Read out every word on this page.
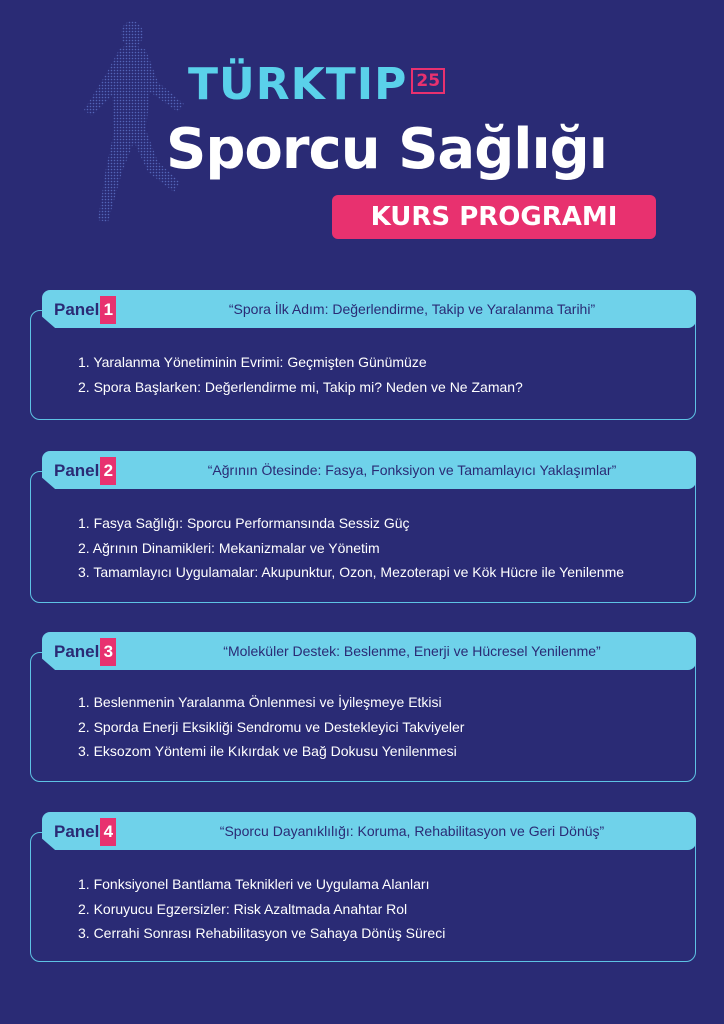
TÜRKTIP 25
Sporcu Sağlığı
KURS PROGRAMI
Panel 1	“Spora İlk Adım: Değerlendirme, Takip ve Yaralanma Tarihi”
1. Yaralanma Yönetiminin Evrimi: Geçmişten Günümüze
2. Spora Başlarken: Değerlendirme mi, Takip mi? Neden ve Ne Zaman?
Panel 2	“Ağrının Ötesinde: Fasya, Fonksiyon ve Tamamlayıcı Yaklaşımlar”
1. Fasya Sağlığı: Sporcu Performansında Sessiz Güç
2. Ağrının Dinamikleri: Mekanizmalar ve Yönetim
3. Tamamlayıcı Uygulamalar: Akupunktur, Ozon, Mezoterapi ve Kök Hücre ile Yenilenme
Panel 3	“Moleküler Destek: Beslenme, Enerji ve Hücresel Yenilenme”
1. Beslenmenin Yaralanma Önlenmesi ve İyileşmeye Etkisi
2. Sporda Enerji Eksikliği Sendromu ve Destekleyici Takviyeler
3. Eksozom Yöntemi ile Kıkırdak ve Bağ Dokusu Yenilenmesi
Panel 4	“Sporcu Dayanıklılığı: Koruma, Rehabilitasyon ve Geri Dönüş”
1. Fonksiyonel Bantlama Teknikleri ve Uygulama Alanları
2. Koruyucu Egzersizler: Risk Azaltmada Anahtar Rol
3. Cerrahi Sonrası Rehabilitasyon ve Sahaya Dönüş Süreci
